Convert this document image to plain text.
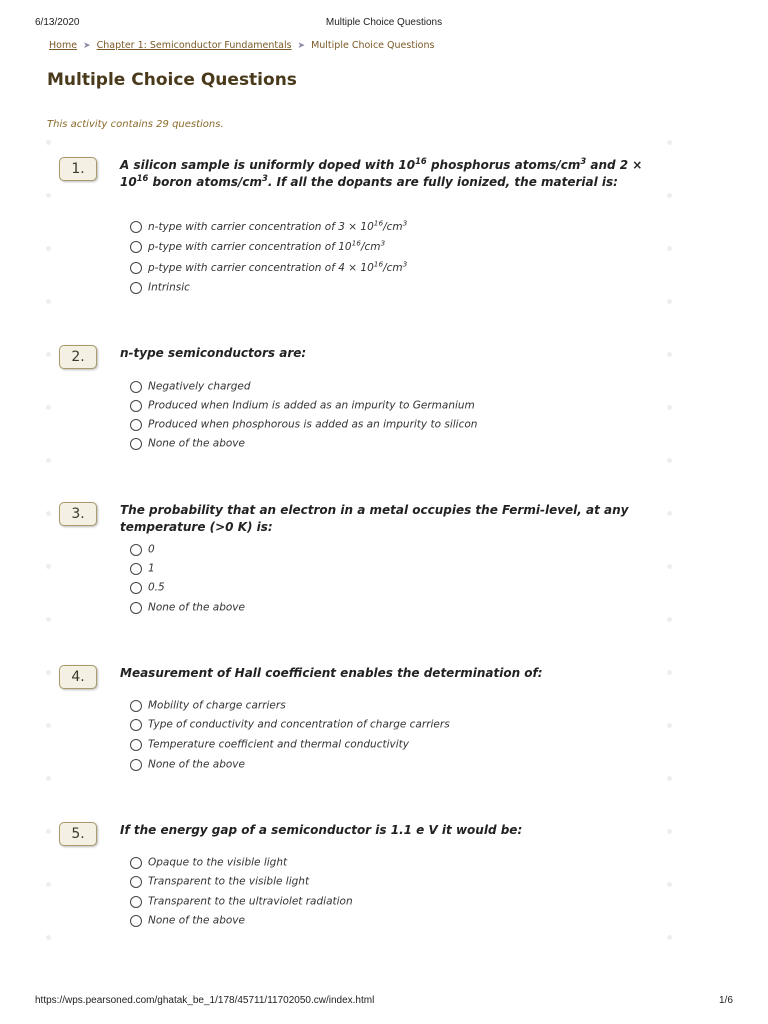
6/13/2020	Multiple Choice Questions
Home ➤ Chapter 1: Semiconductor Fundamentals ➤ Multiple Choice Questions
Multiple Choice Questions
This activity contains 29 questions.
1.	A silicon sample is uniformly doped with $10^{16}$ phosphorus atoms/$cm^3$ and $2 \times 10^{16}$ boron atoms/$cm^3$. If all the dopants are fully ionized, the material is:
n-type with carrier concentration of $3 \times 10^{16}/cm^3$
p-type with carrier concentration of $10^{16}/cm^3$
p-type with carrier concentration of $4 \times 10^{16}/cm^3$
Intrinsic
2.	n-type semiconductors are:
Negatively charged
Produced when Indium is added as an impurity to Germanium
Produced when phosphorous is added as an impurity to silicon
None of the above
3.	The probability that an electron in a metal occupies the Fermi-level, at any temperature (>0 K) is:
0
1
0.5
None of the above
4.	Measurement of Hall coefficient enables the determination of:
Mobility of charge carriers
Type of conductivity and concentration of charge carriers
Temperature coefficient and thermal conductivity
None of the above
5.	If the energy gap of a semiconductor is 1.1 e V it would be:
Opaque to the visible light
Transparent to the visible light
Transparent to the ultraviolet radiation
None of the above
https://wps.pearsoned.com/ghatak_be_1/178/45711/11702050.cw/index.html	1/6
